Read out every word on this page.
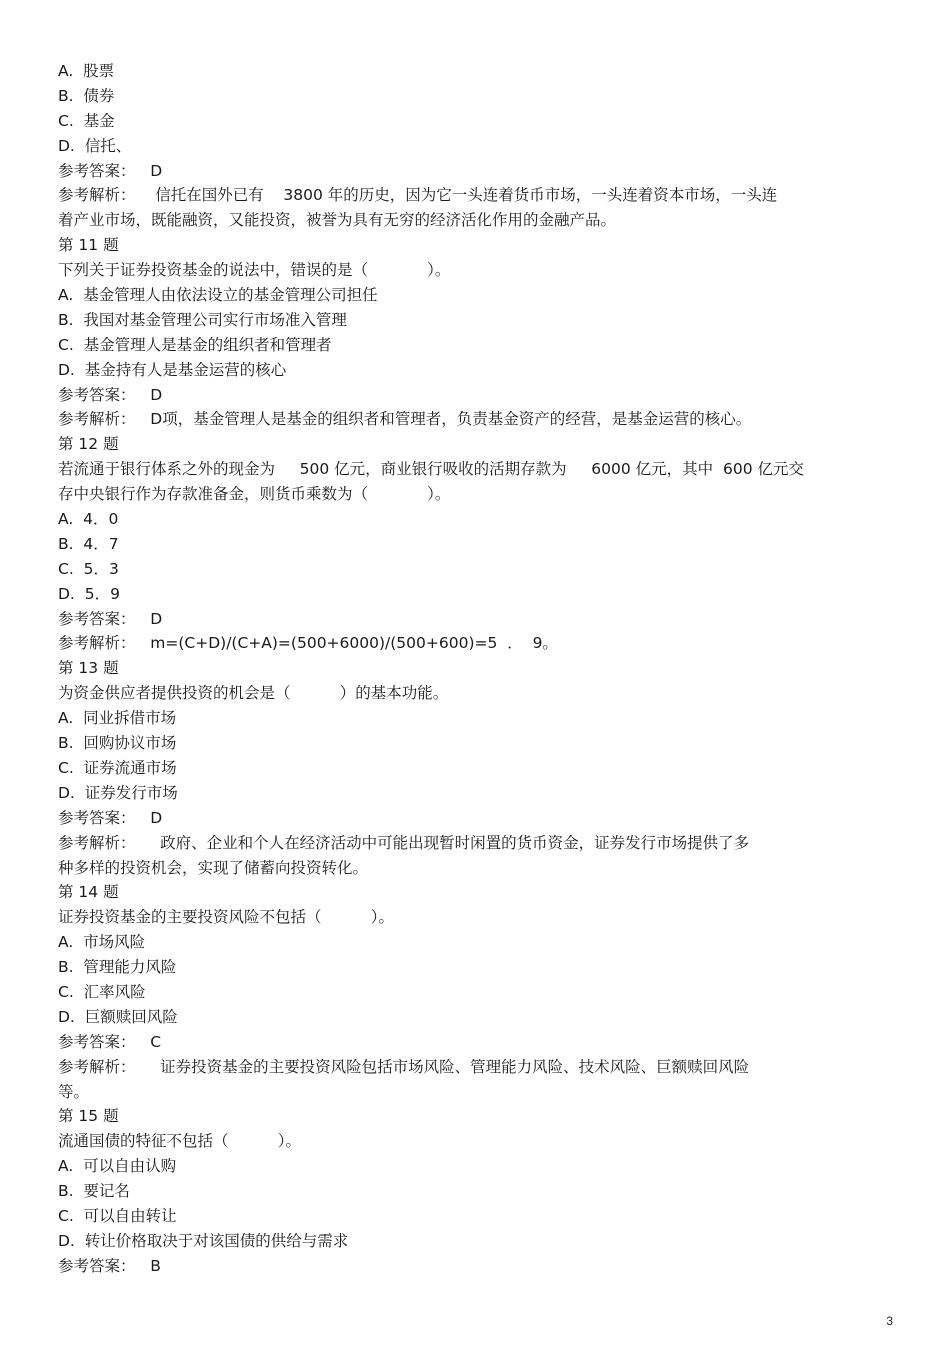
A.  股票
B.  债券
C.  基金
D.  信托、
参考答案：   D
参考解析：    信托在国外已有    3800 年的历史，因为它一头连着货币市场，一头连着资本市场，一头连
着产业市场，既能融资，又能投资，被誉为具有无穷的经济活化作用的金融产品。
第 11 题
下列关于证券投资基金的说法中，错误的是（            ）。
A.  基金管理人由依法设立的基金管理公司担任
B.  我国对基金管理公司实行市场准入管理
C.  基金管理人是基金的组织者和管理者
D.  基金持有人是基金运营的核心
参考答案：   D
参考解析：   D项，基金管理人是基金的组织者和管理者，负责基金资产的经营，是基金运营的核心。
第 12 题
若流通于银行体系之外的现金为     500 亿元，商业银行吸收的活期存款为     6000 亿元，其中  600 亿元交
存中央银行作为存款准备金，则货币乘数为（            ）。
A.  4．0
B.  4．7
C.  5．3
D.  5．9
参考答案：   D
参考解析：   m=(C+D)/(C+A)=(500+6000)/(500+600)=5  ．  9。
第 13 题
为资金供应者提供投资的机会是（          ）的基本功能。
A.  同业拆借市场
B.  回购协议市场
C.  证券流通市场
D.  证券发行市场
参考答案：   D
参考解析：     政府、企业和个人在经济活动中可能出现暂时闲置的货币资金，证券发行市场提供了多
种多样的投资机会，实现了储蓄向投资转化。
第 14 题
证券投资基金的主要投资风险不包括（          ）。
A.  市场风险
B.  管理能力风险
C.  汇率风险
D.  巨额赎回风险
参考答案：   C
参考解析：     证券投资基金的主要投资风险包括市场风险、管理能力风险、技术风险、巨额赎回风险
等。
第 15 题
流通国债的特征不包括（          ）。
A.  可以自由认购
B.  要记名
C.  可以自由转让
D.  转让价格取决于对该国债的供给与需求
参考答案：   B
3
